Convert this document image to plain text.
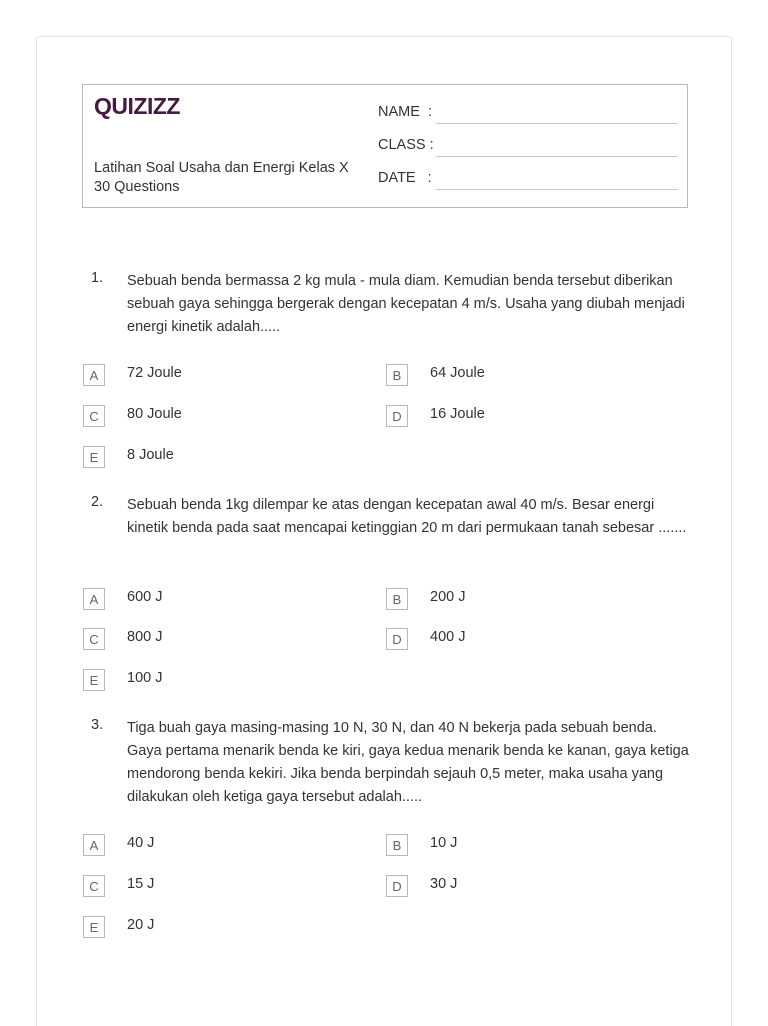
QUIZIZZ
Latihan Soal Usaha dan Energi Kelas X
30 Questions
NAME  :
CLASS :
DATE   :
1. Sebuah benda bermassa 2 kg mula - mula diam. Kemudian benda tersebut diberikan sebuah gaya sehingga bergerak dengan kecepatan 4 m/s. Usaha yang diubah menjadi energi kinetik adalah.....
A	72 Joule	B	64 Joule
C	80 Joule	D	16 Joule
E	8 Joule
2. Sebuah benda 1kg dilempar ke atas dengan kecepatan awal 40 m/s. Besar energi kinetik benda pada saat mencapai ketinggian 20 m dari permukaan tanah sebesar .......
A	600 J	B	200 J
C	800 J	D	400 J
E	100 J
3. Tiga buah gaya masing-masing 10 N, 30 N, dan 40 N bekerja pada sebuah benda. Gaya pertama menarik benda ke kiri, gaya kedua menarik benda ke kanan, gaya ketiga mendorong benda kekiri. Jika benda berpindah sejauh 0,5 meter, maka usaha yang dilakukan oleh ketiga gaya tersebut adalah.....
A	40 J	B	10 J
C	15 J	D	30 J
E	20 J
